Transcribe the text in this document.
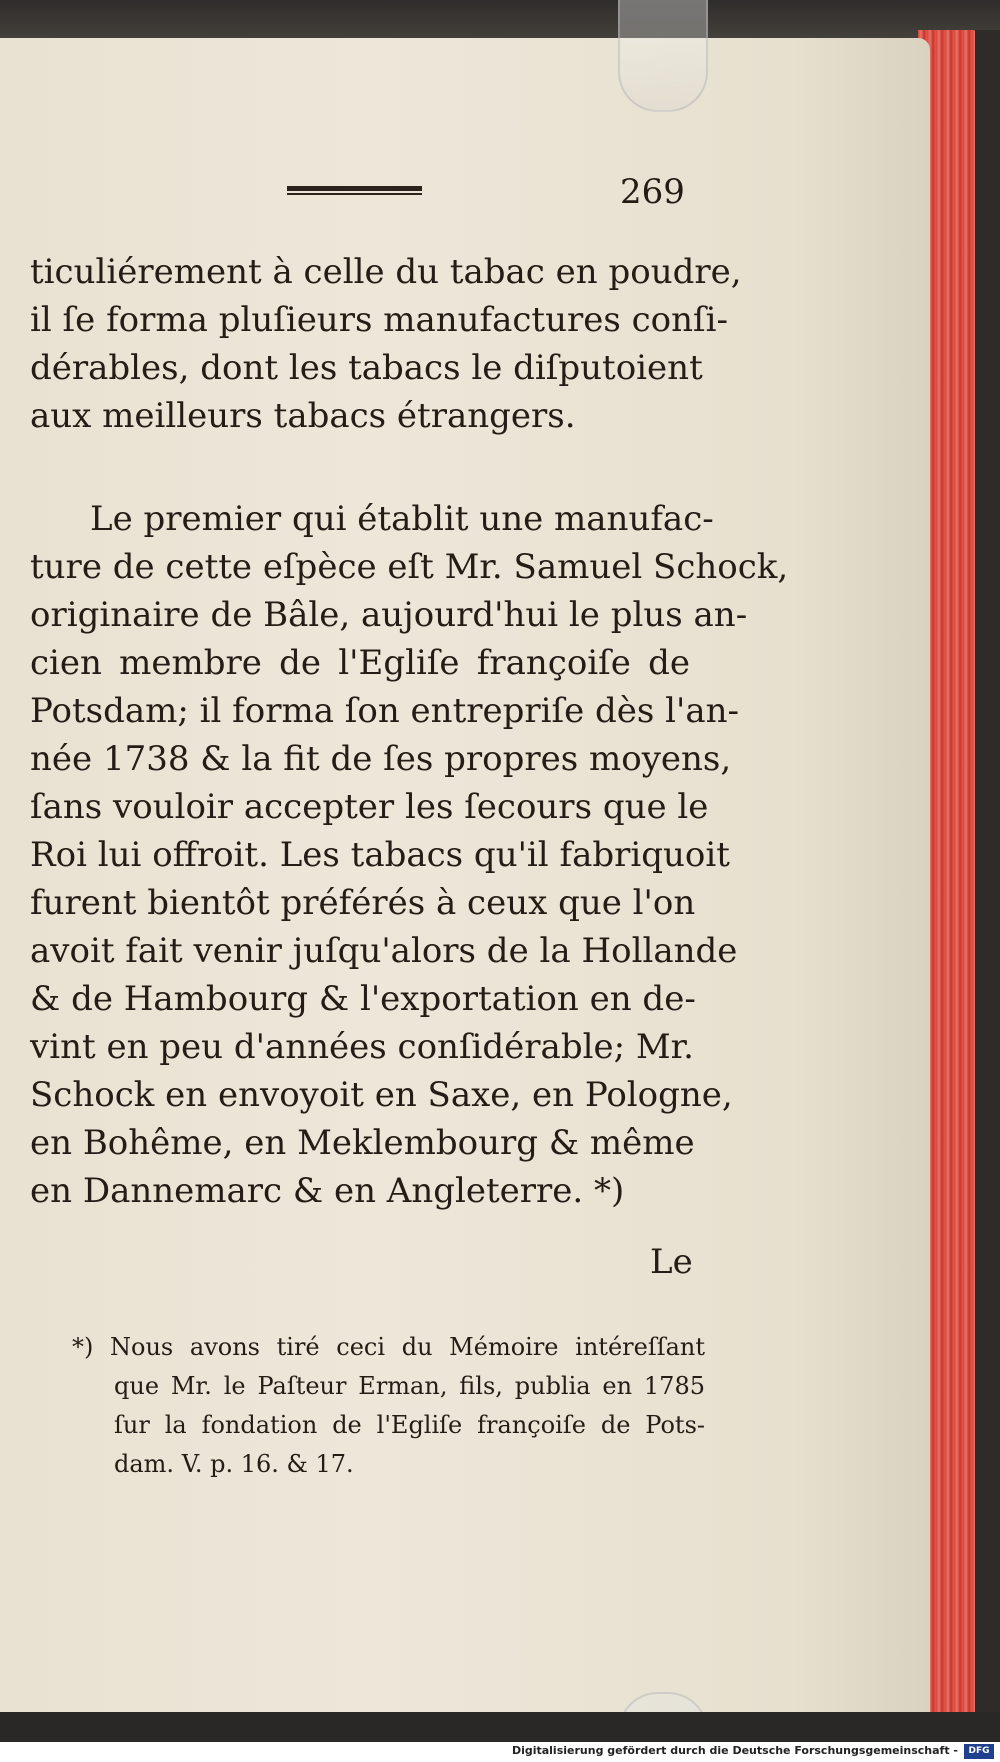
269
ticuliérement à celle du tabac en poudre,
il ſe forma pluſieurs manufactures conſi-
dérables, dont les tabacs le diſputoient
aux meilleurs tabacs étrangers.
Le premier qui établit une manufac-
ture de cette eſpèce eſt Mr. Samuel Schock,
originaire de Bâle, aujourd'hui le plus an-
cien membre de l'Egliſe françoiſe de
Potsdam; il forma ſon entrepriſe dès l'an-
née 1738 & la fit de ſes propres moyens,
ſans vouloir accepter les ſecours que le
Roi lui offroit. Les tabacs qu'il fabriquoit
furent bientôt préférés à ceux que l'on
avoit fait venir juſqu'alors de la Hollande
& de Hambourg & l'exportation en de-
vint en peu d'années conſidérable; Mr.
Schock en envoyoit en Saxe, en Pologne,
en Bohême, en Meklembourg & même
en Dannemarc & en Angleterre. *)
Le
*) Nous avons tiré ceci du Mémoire intéreſſant
que Mr. le Paſteur Erman, fils, publia en 1785
ſur la fondation de l'Egliſe françoiſe de Pots-
dam. V. p. 16. & 17.
Digitalisierung gefördert durch die Deutsche Forschungsgemeinschaft -	DFG
